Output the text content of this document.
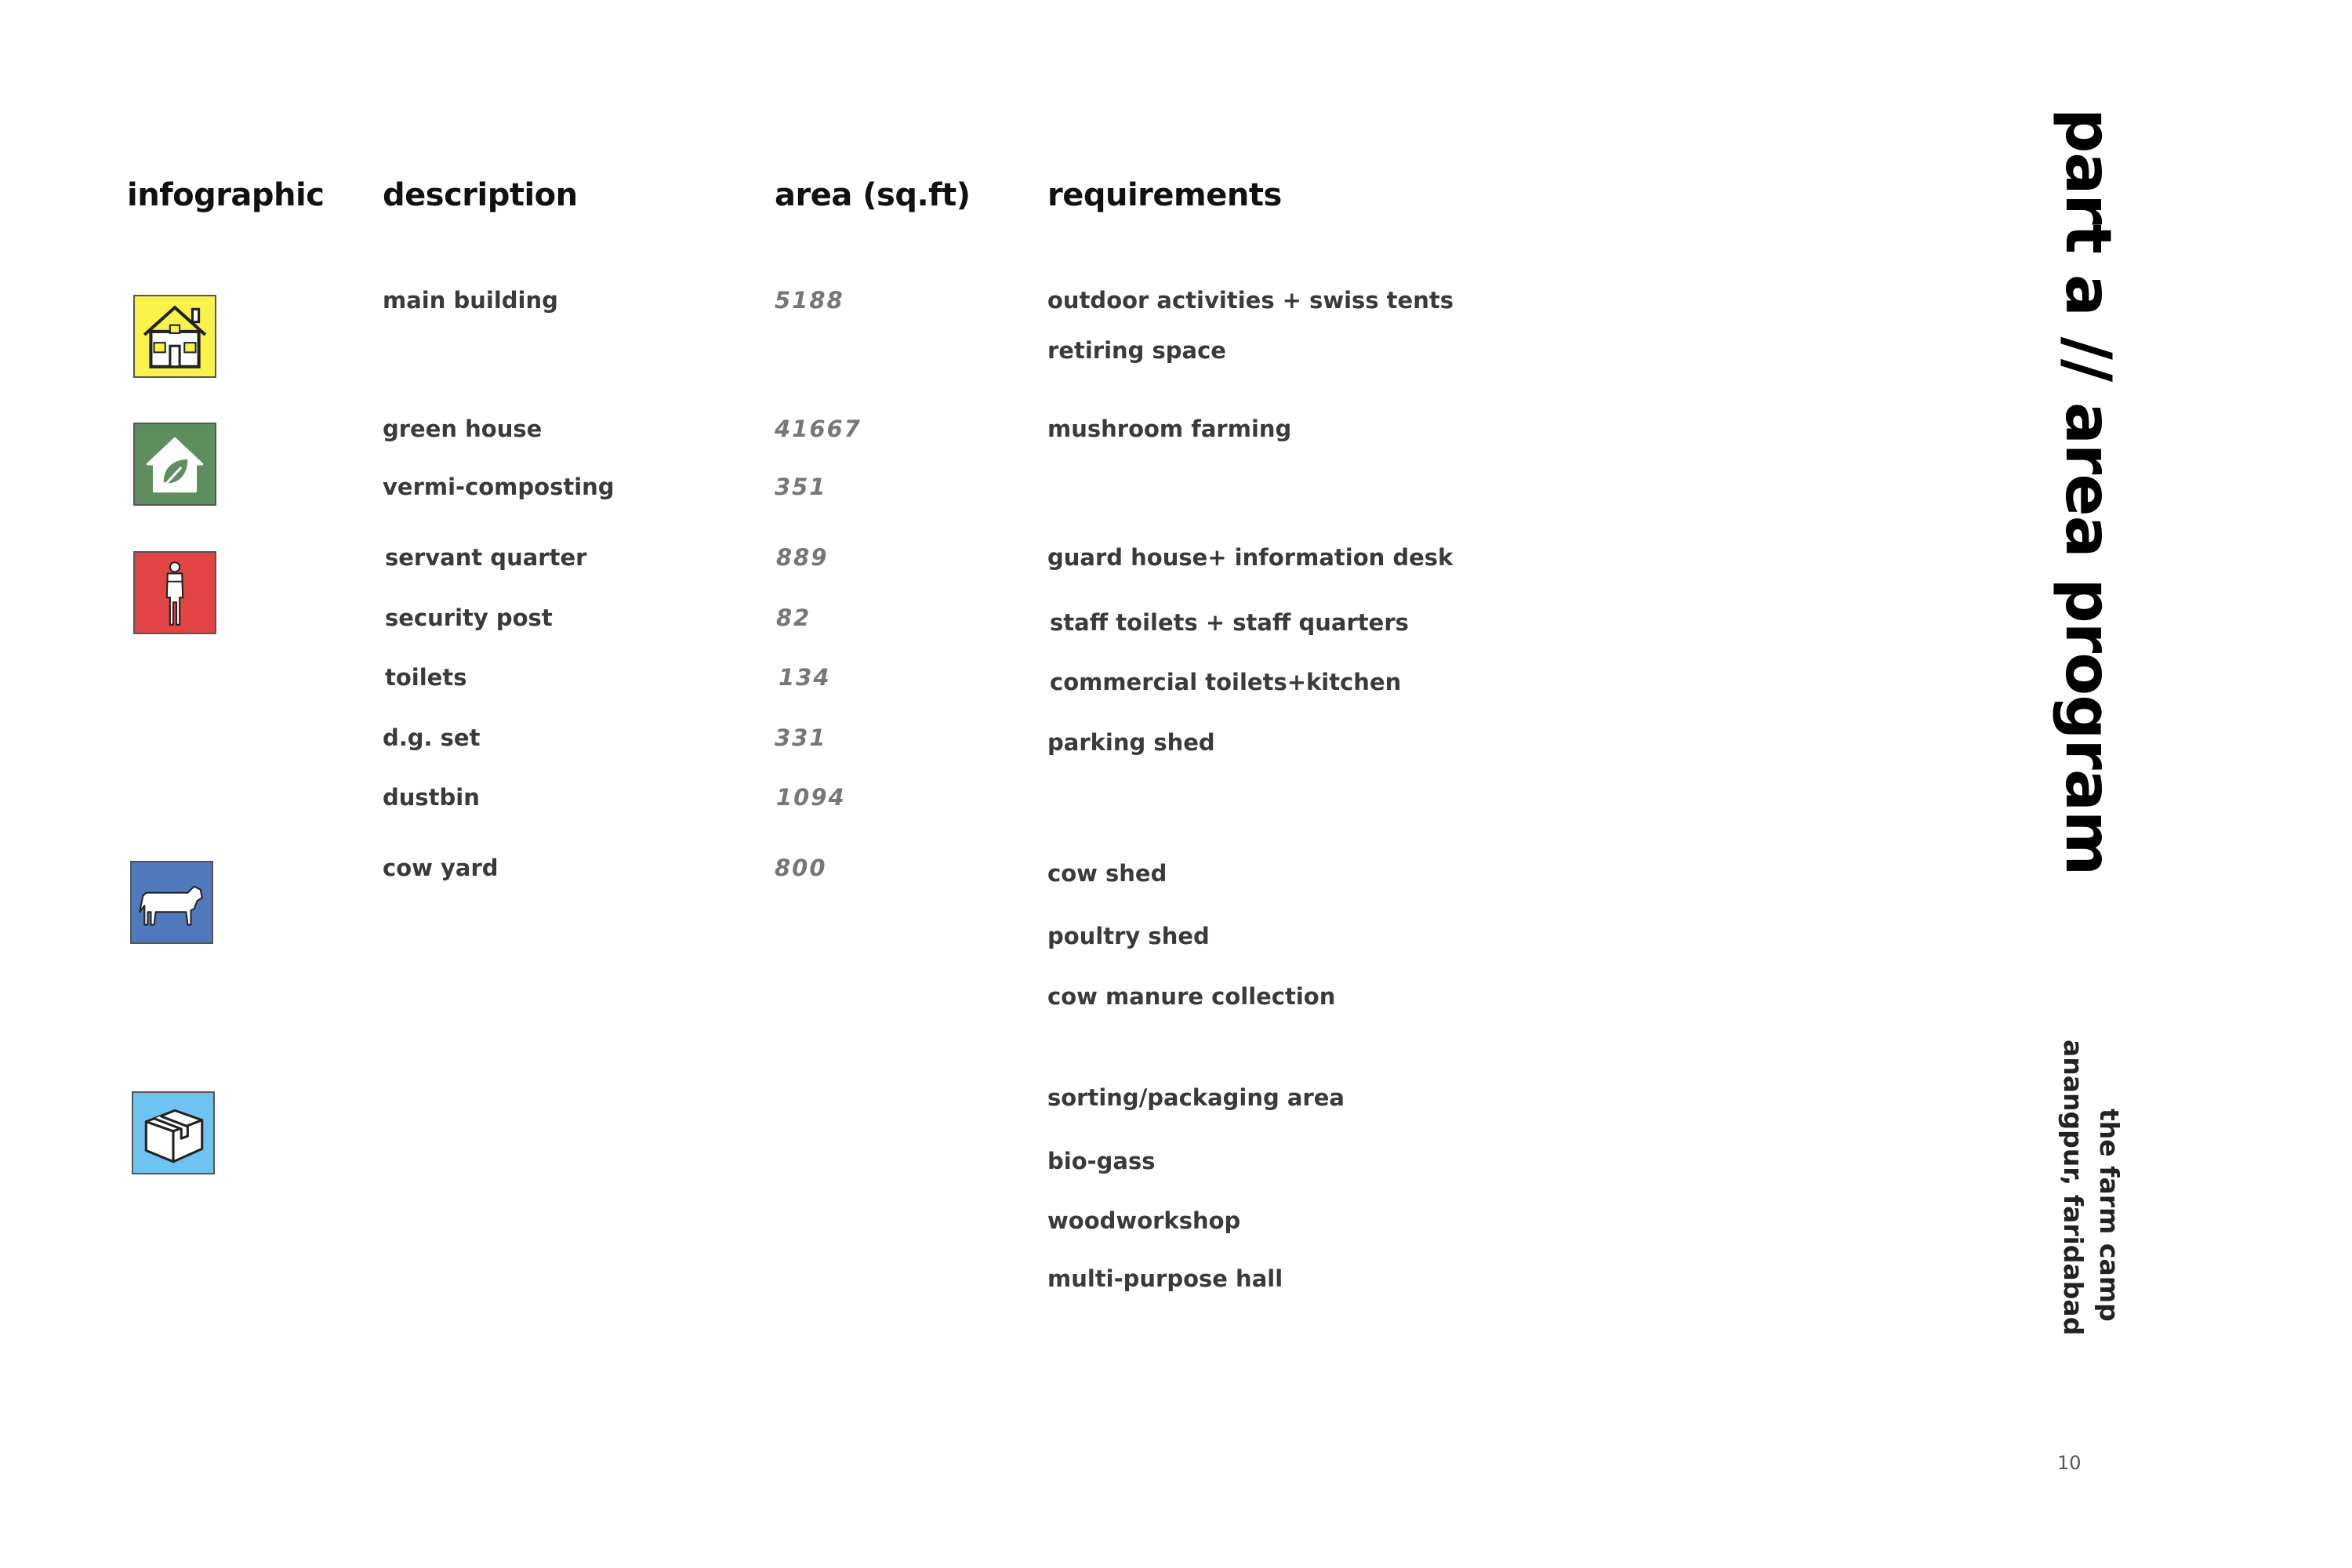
infographic description	area (sq.ft) requirements
main building
green house
vermi-composting
servant quarter
security post
toilets
d.g. set
dustbin
cow yard
5188
41667
351
889
82
134
331
1094
800
outdoor activities + swiss tents
retiring space
mushroom farming
guard house+ information desk
staff toilets + staff quarters
commercial toilets+kitchen
parking shed
cow shed
poultry shed
cow manure collection
sorting/packaging area
bio-gass
woodworkshop
multi-purpose hall
part a // area program
the farm camp
anangpur, faridabad
10
